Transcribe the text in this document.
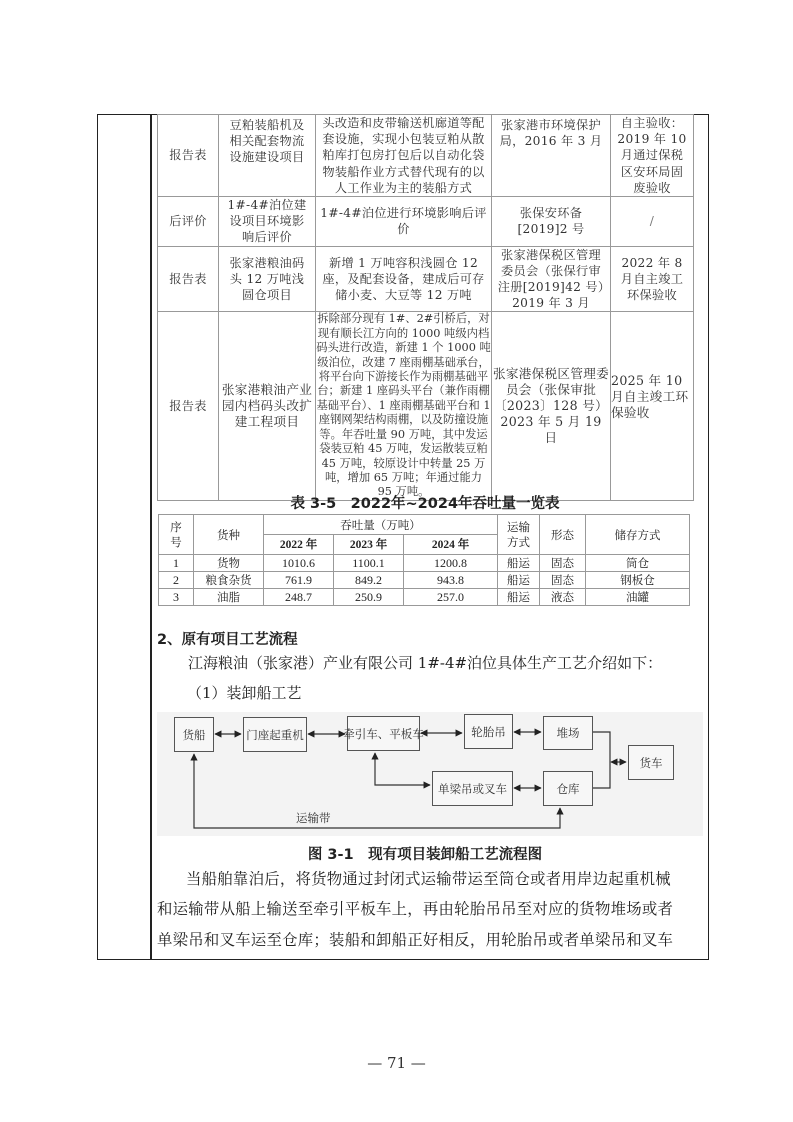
报告表	豆粕装船机及相关配套物流设施建设项目	头改造和皮带输送机廊道等配套设施，实现小包装豆粕从散粕库打包房打包后以自动化袋物装船作业方式替代现有的以人工作业为主的装船方式	张家港市环境保护局，2016 年 3 月	自主验收：2019 年 10 月通过保税区安环局固废验收
后评价	1#-4#泊位建设项目环境影响后评价	1#-4#泊位进行环境影响后评价	张保安环备[2019]2 号	/
报告表	张家港粮油码头 12 万吨浅圆仓项目	新增 1 万吨容积浅圆仓 12 座，及配套设备，建成后可存储小麦、大豆等 12 万吨	张家港保税区管理委员会（张保行审注册[2019]42 号）2019 年 3 月	2022 年 8 月自主竣工环保验收
报告表	张家港粮油产业园内档码头改扩建工程项目	拆除部分现有 1#、2#引桥后，对现有顺长江方向的 1000 吨级内档码头进行改造，新建 1 个 1000 吨级泊位，改建 7 座雨棚基础承台，将平台向下游接长作为雨棚基础平台；新建 1 座码头平台（兼作雨棚基础平台）、1 座雨棚基础平台和 1 座钢网架结构雨棚，以及防撞设施等。年吞吐量 90 万吨，其中发运袋装豆粕 45 万吨，发运散装豆粕 45 万吨，较原设计中转量 25 万吨，增加 65 万吨；年通过能力 95 万吨。	张家港保税区管理委员会（张保审批〔2023〕128 号）2023 年 5 月 19 日	2025 年 10 月自主竣工环保验收
表 3-5　2022年~2024年吞吐量一览表
序号	货种	吞吐量（万吨）			运输方式	形态	储存方式
		2022 年	2023 年	2024 年			
1	货物	1010.6	1100.1	1200.8	船运	固态	筒仓
2	粮食杂货	761.9	849.2	943.8	船运	固态	钢板仓
3	油脂	248.7	250.9	257.0	船运	液态	油罐
2、原有项目工艺流程
江海粮油（张家港）产业有限公司 1#-4#泊位具体生产工艺介绍如下：
（1）装卸船工艺
货船	门座起重机	牵引车、平板车	轮胎吊	堆场
单梁吊或叉车	仓库
货车
运输带
图 3-1　现有项目装卸船工艺流程图
当船舶靠泊后，将货物通过封闭式运输带运至筒仓或者用岸边起重机械
和运输带从船上输送至牵引平板车上，再由轮胎吊吊至对应的货物堆场或者
单梁吊和叉车运至仓库；装船和卸船正好相反，用轮胎吊或者单梁吊和叉车
— 71 —
